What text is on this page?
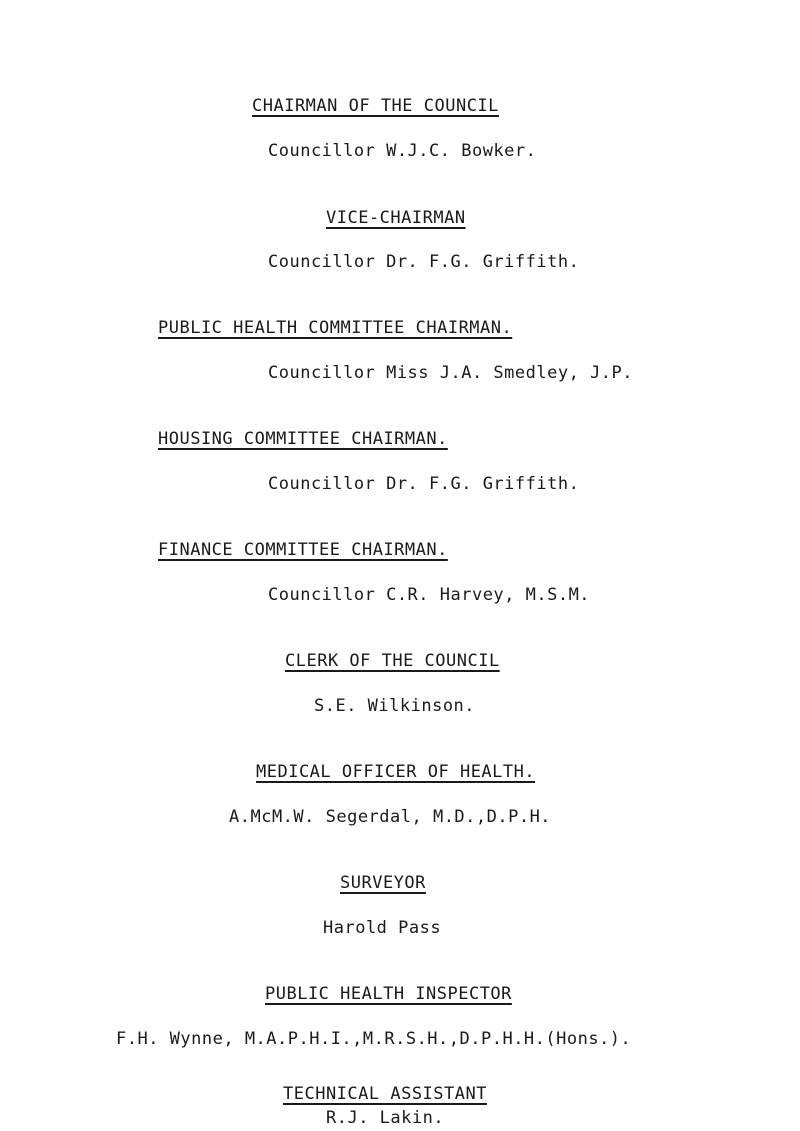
CHAIRMAN OF THE COUNCIL
Councillor W.J.C. Bowker.
VICE-CHAIRMAN
Councillor Dr. F.G. Griffith.
PUBLIC HEALTH COMMITTEE CHAIRMAN.
Councillor Miss J.A. Smedley, J.P.
HOUSING COMMITTEE CHAIRMAN.
Councillor Dr. F.G. Griffith.
FINANCE COMMITTEE CHAIRMAN.
Councillor C.R. Harvey, M.S.M.
CLERK OF THE COUNCIL
S.E. Wilkinson.
MEDICAL OFFICER OF HEALTH.
A.McM.W. Segerdal, M.D.,D.P.H.
SURVEYOR
Harold Pass
PUBLIC HEALTH INSPECTOR
F.H. Wynne, M.A.P.H.I.,M.R.S.H.,D.P.H.H.(Hons.).
TECHNICAL ASSISTANT
R.J. Lakin.
